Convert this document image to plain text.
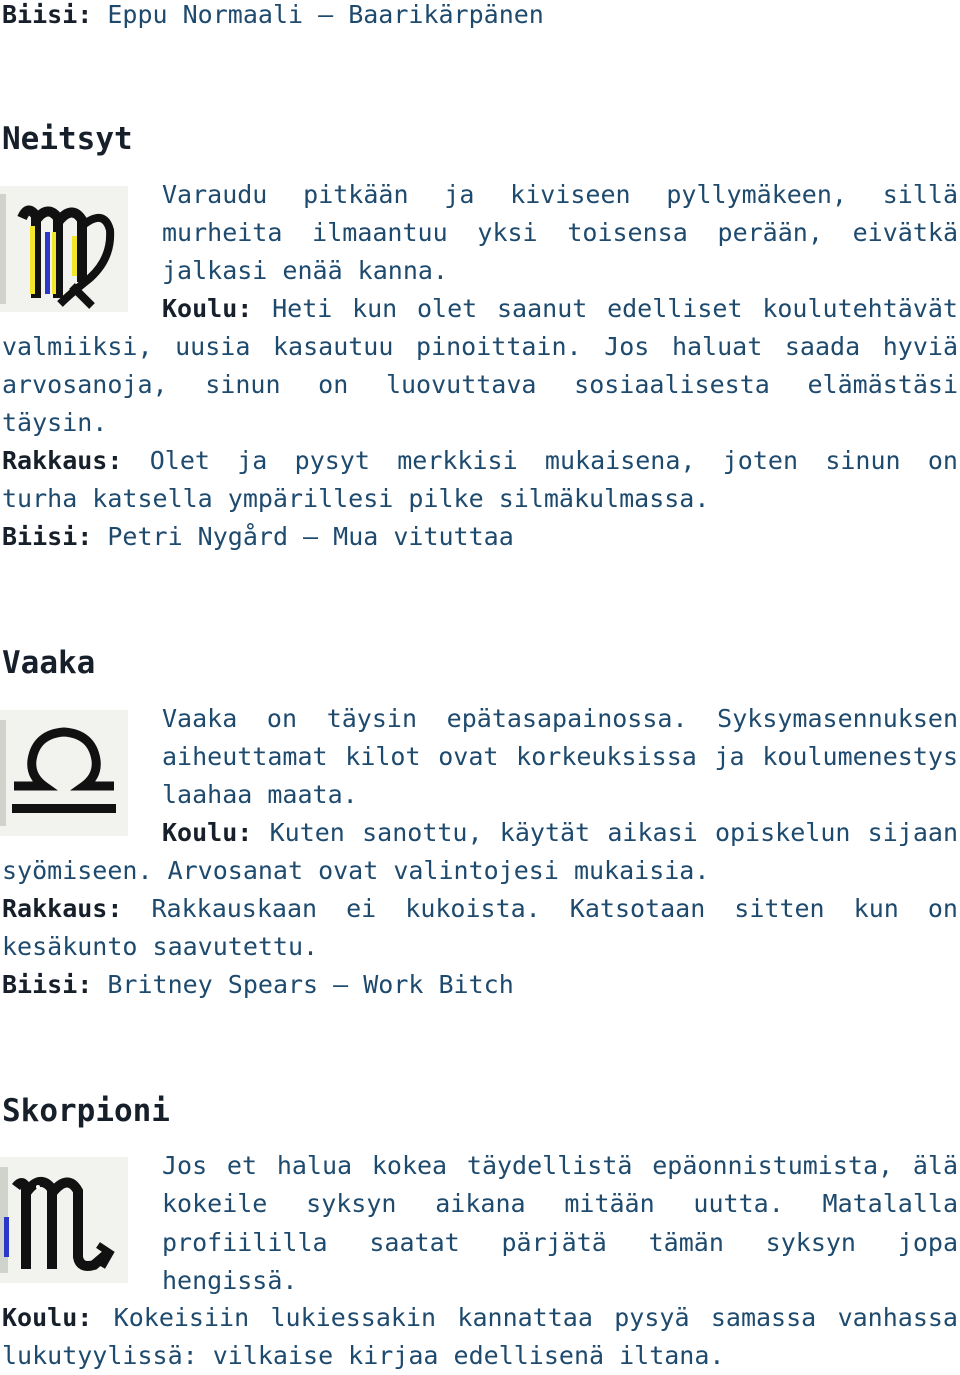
Biisi: Eppu Normaali – Baarikärpänen

Neitsyt

Varaudu pitkään ja kiviseen pyllymäkeen, sillä

murheita ilmaantuu yksi toisensa perään, eivätkä

jalkasi enää kanna.

Koulu: Heti kun olet saanut edelliset koulutehtävät

valmiiksi, uusia kasautuu pinoittain. Jos haluat saada hyviä

arvosanoja, sinun on luovuttava sosiaalisesta elämästäsi

täysin.

Rakkaus: Olet ja pysyt merkkisi mukaisena, joten sinun on

turha katsella ympärillesi pilke silmäkulmassa.

Biisi: Petri Nygård – Mua vituttaa

Vaaka

Vaaka on täysin epätasapainossa. Syksymasennuksen

aiheuttamat kilot ovat korkeuksissa ja koulumenestys

laahaa maata.

Koulu: Kuten sanottu, käytät aikasi opiskelun sijaan

syömiseen. Arvosanat ovat valintojesi mukaisia.

Rakkaus: Rakkauskaan ei kukoista. Katsotaan sitten kun on

kesäkunto saavutettu.

Biisi: Britney Spears – Work Bitch

Skorpioni

Jos et halua kokea täydellistä epäonnistumista, älä

kokeile syksyn aikana mitään uutta. Matalalla

profiililla saatat pärjätä tämän syksyn jopa

hengissä.

Koulu: Kokeisiin lukiessakin kannattaa pysyä samassa vanhassa

lukutyylissä: vilkaise kirjaa edellisenä iltana.
